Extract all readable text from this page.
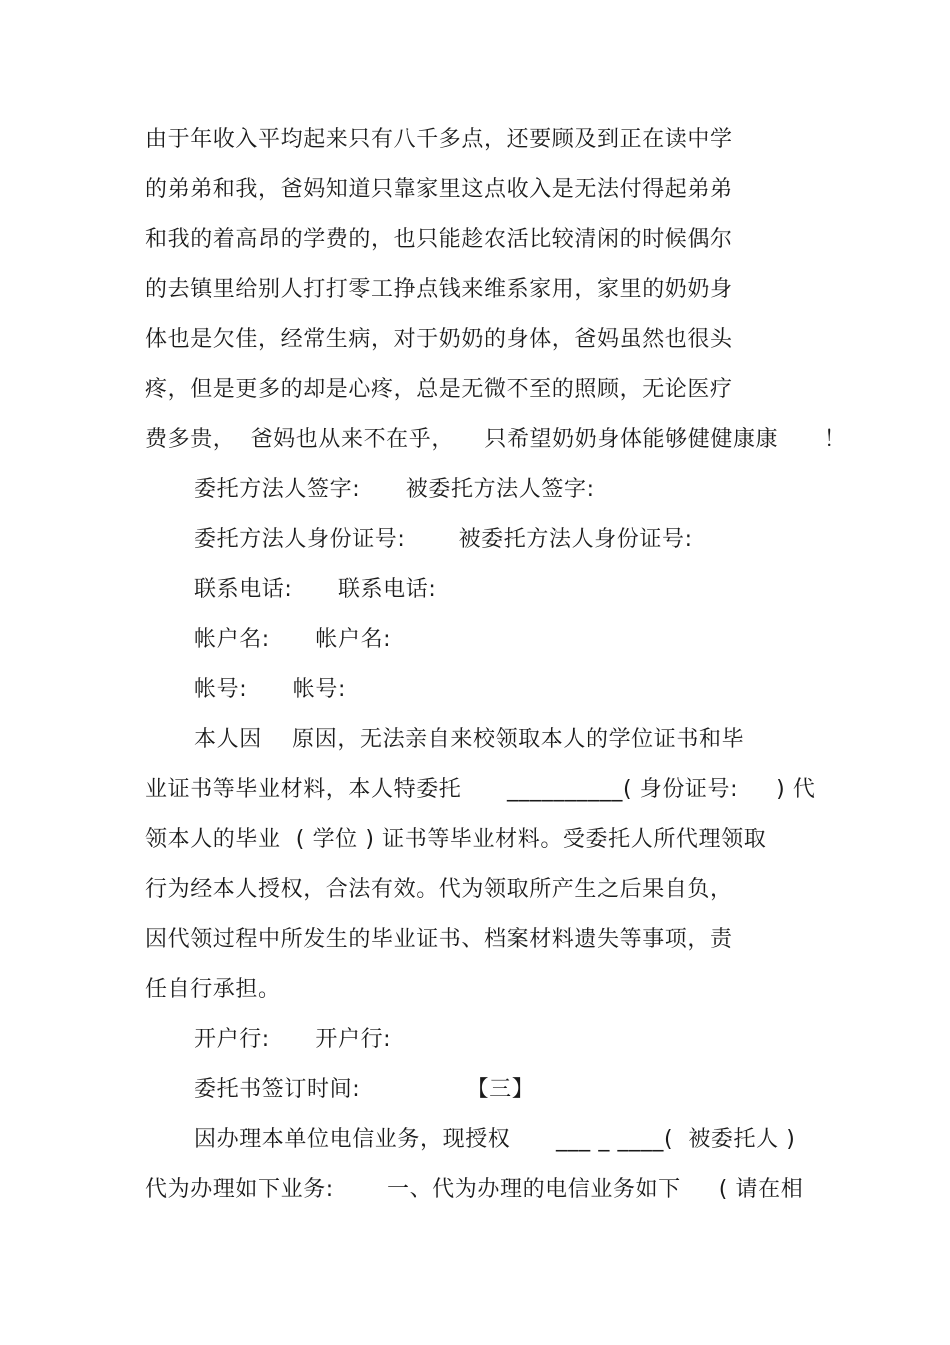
由于年收入平均起来只有八千多点，还要顾及到正在读中学
的弟弟和我，爸妈知道只靠家里这点收入是无法付得起弟弟
和我的着高昂的学费的，也只能趁农活比较清闲的时候偶尔
的去镇里给别人打打零工挣点钱来维系家用，家里的奶奶身
体也是欠佳，经常生病，对于奶奶的身体，爸妈虽然也很头
疼，但是更多的却是心疼，总是无微不至的照顾，无论医疗
费多贵，  爸妈也从来不在乎，    只希望奶奶身体能够健健康康      ！
委托方法人签字:      被委托方法人签字:
委托方法人身份证号:       被委托方法人身份证号:
联系电话:      联系电话:
帐户名:      帐户名:
帐号:      帐号:
本人因    原因，无法亲自来校领取本人的学位证书和毕
业证书等毕业材料，本人特委托      __________( 身份证号:     ) 代
领本人的毕业  ( 学位 ) 证书等毕业材料。受委托人所代理领取
行为经本人授权，合法有效。代为领取所产生之后果自负，
因代领过程中所发生的毕业证书、档案材料遗失等事项，责
任自行承担。
开户行:      开户行:
委托书签订时间:              【三】
因办理本单位电信业务，现授权      ___ _ ____(  被委托人 )
代为办理如下业务:       一、代为办理的电信业务如下     ( 请在相
